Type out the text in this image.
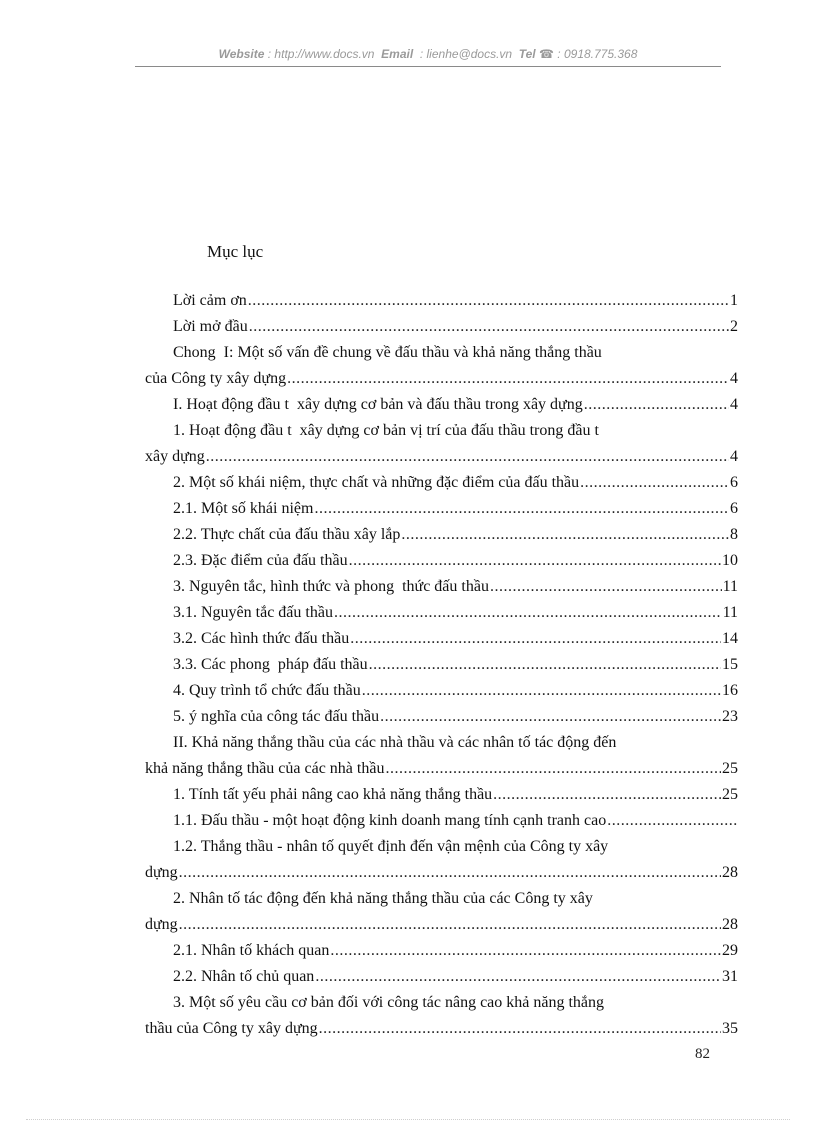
Website : http://www.docs.vn Email : lienhe@docs.vn Tel ☎ : 0918.775.368
Mục lục
Lời cảm ơn .....	1
Lời mở đầu .....	2
Chong  I: Một số vấn đề chung về đấu thầu và khả năng thắng thầu
của Công ty xây dựng .....	4
I. Hoạt động đầu t  xây dựng cơ bản và đấu thầu trong xây dựng .....	4
1. Hoạt động đầu t  xây dựng cơ bản vị trí của đấu thầu trong đầu t
xây dựng .....	4
2. Một số khái niệm, thực chất và những đặc điểm của đấu thầu .....	6
2.1. Một số khái niệm .....	6
2.2. Thực chất của đấu thầu xây lắp .....	8
2.3. Đặc điểm của đấu thầu .....	10
3. Nguyên tắc, hình thức và phong  thức đấu thầu .....	11
3.1. Nguyên tắc đấu thầu .....	11
3.2. Các hình thức đấu thầu .....	14
3.3. Các phong  pháp đấu thầu .....	15
4. Quy trình tổ chức đấu thầu .....	16
5. ý nghĩa của công tác đấu thầu .....	23
II. Khả năng thắng thầu của các nhà thầu và các nhân tố tác động đến
khả năng thắng thầu của các nhà thầu .....	25
1. Tính tất yếu phải nâng cao khả năng thắng thầu .....	25
1.1. Đấu thầu - một hoạt động kinh doanh mang tính cạnh tranh cao
.....
1.2. Thắng thầu - nhân tố quyết định đến vận mệnh của Công ty xây
dựng .....	28
2. Nhân tố tác động đến khả năng thắng thầu của các Công ty xây
dựng .....	28
2.1. Nhân tố khách quan .....	29
2.2. Nhân tố chủ quan .....	31
3. Một số yêu cầu cơ bản đối với công tác nâng cao khả năng thắng
thầu của Công ty xây dựng .....	35
82
